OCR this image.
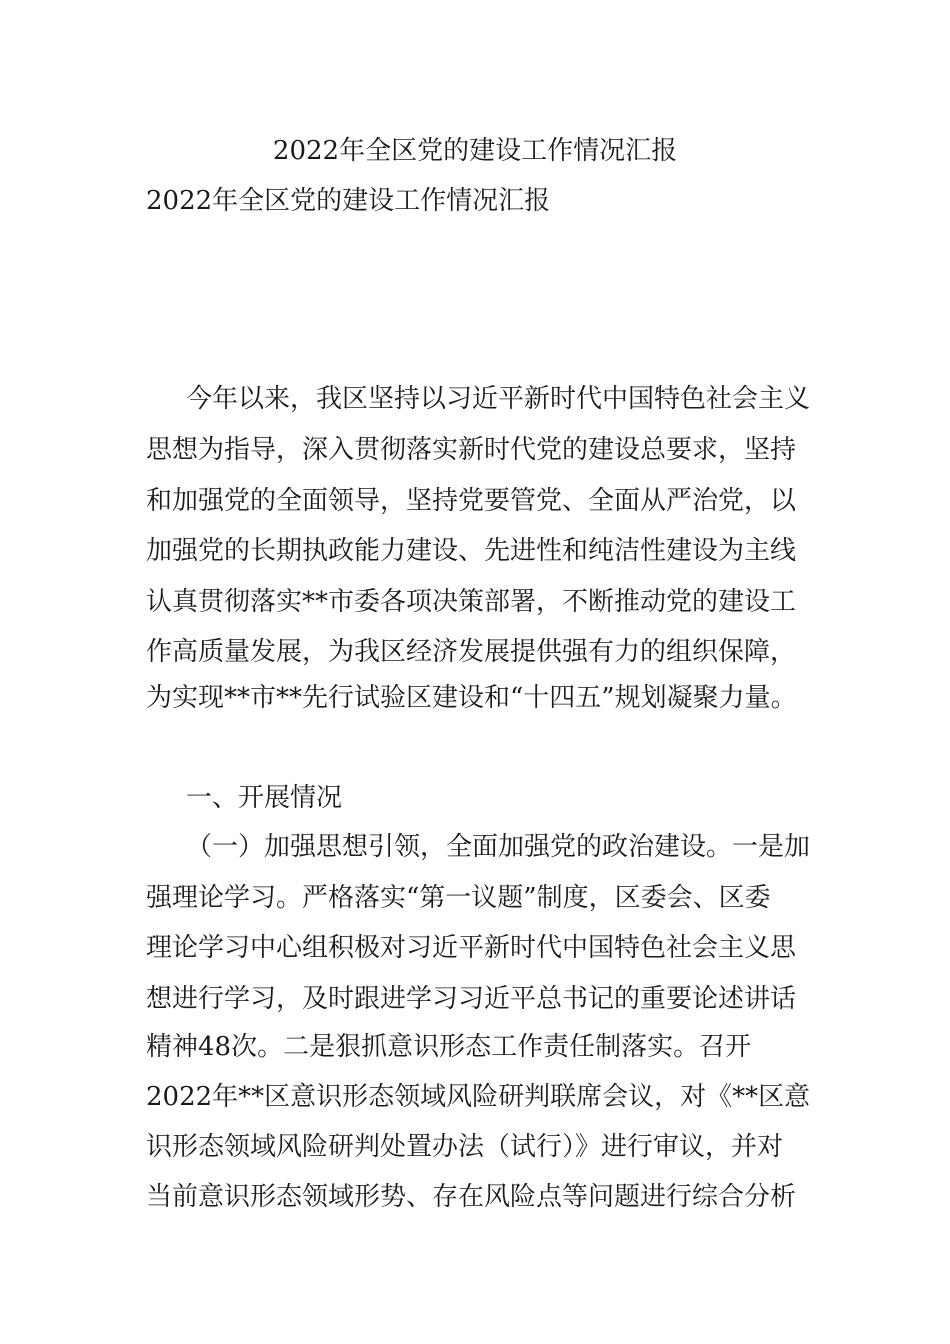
2022年全区党的建设工作情况汇报
2022年全区党的建设工作情况汇报
今年以来，我区坚持以习近平新时代中国特色社会主义
思想为指导，深入贯彻落实新时代党的建设总要求，坚持
和加强党的全面领导，坚持党要管党、全面从严治党，以
加强党的长期执政能力建设、先进性和纯洁性建设为主线
认真贯彻落实**市委各项决策部署，不断推动党的建设工
作高质量发展，为我区经济发展提供强有力的组织保障，
为实现**市**先行试验区建设和“十四五”规划凝聚力量。
一、开展情况
（一）加强思想引领，全面加强党的政治建设。一是加
强理论学习。严格落实“第一议题”制度，区委会、区委
理论学习中心组积极对习近平新时代中国特色社会主义思
想进行学习，及时跟进学习习近平总书记的重要论述讲话
精神48次。二是狠抓意识形态工作责任制落实。召开
2022年**区意识形态领域风险研判联席会议，对《**区意
识形态领域风险研判处置办法（试行）》进行审议，并对
当前意识形态领域形势、存在风险点等问题进行综合分析
